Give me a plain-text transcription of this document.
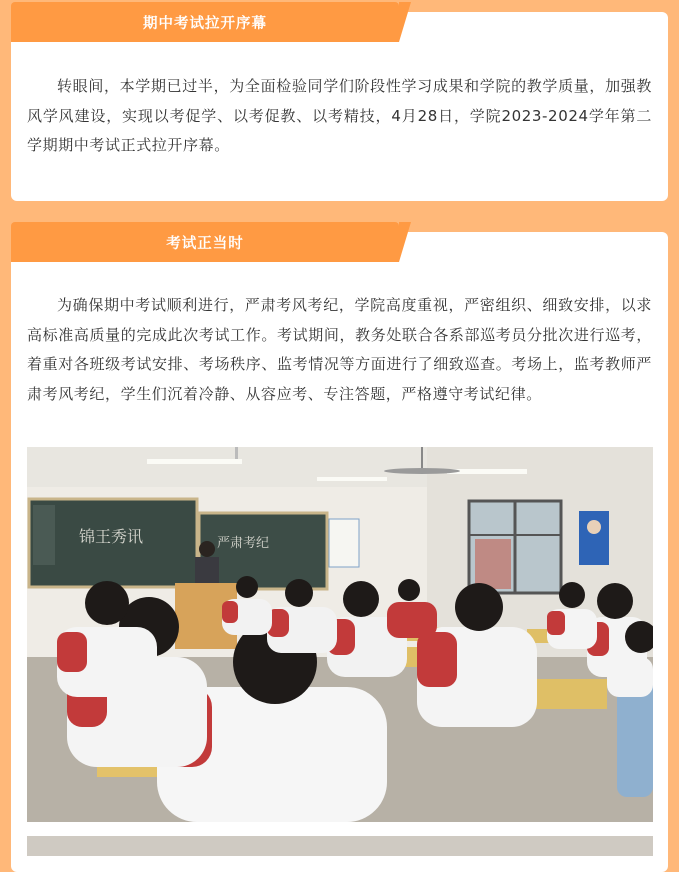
期中考试拉开序幕

转眼间，本学期已过半，为全面检验同学们阶段性学习成果和学院的教学质量，加强教风学风建设，实现以考促学、以考促教、以考精技，4月28日，学院2023-2024学年第二学期期中考试正式拉开序幕。

考试正当时

为确保期中考试顺利进行，严肃考风考纪，学院高度重视，严密组织、细致安排，以求高标准高质量的完成此次考试工作。考试期间，教务处联合各系部巡考员分批次进行巡考，着重对各班级考试安排、考场秩序、监考情况等方面进行了细致巡查。考场上，监考教师严肃考风考纪，学生们沉着冷静、从容应考、专注答题，严格遵守考试纪律。

锦王秀讯	严肃考纪
